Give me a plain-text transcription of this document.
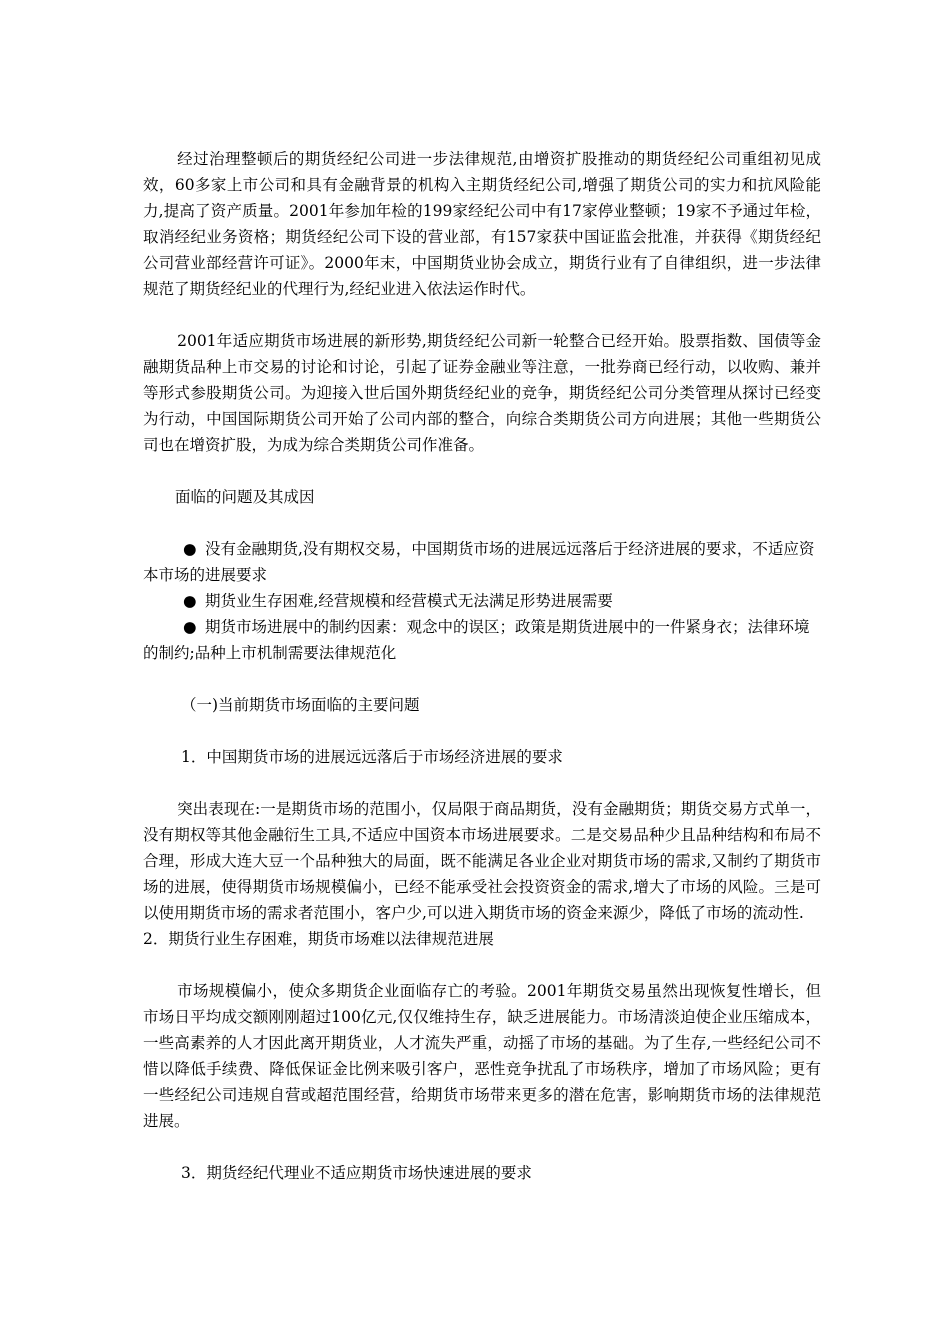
经过治理整顿后的期货经纪公司进一步法律规范,由增资扩股推动的期货经纪公司重组初见成效，60多家上市公司和具有金融背景的机构入主期货经纪公司,增强了期货公司的实力和抗风险能力,提高了资产质量。2001年参加年检的199家经纪公司中有17家停业整顿；19家不予通过年检，取消经纪业务资格；期货经纪公司下设的营业部，有157家获中国证监会批准，并获得《期货经纪公司营业部经营许可证》。2000年末，中国期货业协会成立，期货行业有了自律组织，进一步法律规范了期货经纪业的代理行为,经纪业进入依法运作时代。

2001年适应期货市场进展的新形势,期货经纪公司新一轮整合已经开始。股票指数、国债等金融期货品种上市交易的讨论和讨论，引起了证券金融业等注意，一批券商已经行动，以收购、兼并等形式参股期货公司。为迎接入世后国外期货经纪业的竞争，期货经纪公司分类管理从探讨已经变为行动，中国国际期货公司开始了公司内部的整合，向综合类期货公司方向进展；其他一些期货公司也在增资扩股，为成为综合类期货公司作准备。

面临的问题及其成因

● 没有金融期货,没有期权交易，中国期货市场的进展远远落后于经济进展的要求，不适应资本市场的进展要求

● 期货业生存困难,经营规模和经营模式无法满足形势进展需要

● 期货市场进展中的制约因素：观念中的误区；政策是期货进展中的一件紧身衣；法律环境的制约;品种上市机制需要法律规范化

（一)当前期货市场面临的主要问题

1．中国期货市场的进展远远落后于市场经济进展的要求

突出表现在:一是期货市场的范围小，仅局限于商品期货，没有金融期货；期货交易方式单一，没有期权等其他金融衍生工具,不适应中国资本市场进展要求。二是交易品种少且品种结构和布局不合理，形成大连大豆一个品种独大的局面，既不能满足各业企业对期货市场的需求,又制约了期货市场的进展，使得期货市场规模偏小，已经不能承受社会投资资金的需求,增大了市场的风险。三是可以使用期货市场的需求者范围小，客户少,可以进入期货市场的资金来源少，降低了市场的流动性.

2．期货行业生存困难，期货市场难以法律规范进展

市场规模偏小，使众多期货企业面临存亡的考验。2001年期货交易虽然出现恢复性增长，但市场日平均成交额刚刚超过100亿元,仅仅维持生存，缺乏进展能力。市场清淡迫使企业压缩成本，一些高素养的人才因此离开期货业，人才流失严重，动摇了市场的基础。为了生存,一些经纪公司不惜以降低手续费、降低保证金比例来吸引客户，恶性竞争扰乱了市场秩序，增加了市场风险；更有一些经纪公司违规自营或超范围经营，给期货市场带来更多的潜在危害，影响期货市场的法律规范进展。

3．期货经纪代理业不适应期货市场快速进展的要求
